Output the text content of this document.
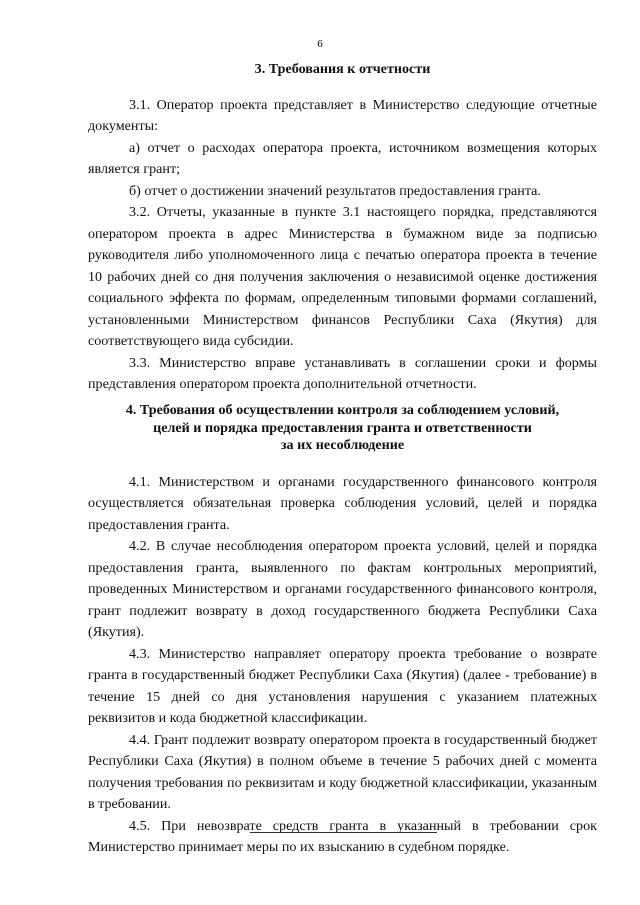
6
3. Требования к отчетности

3.1. Оператор проекта представляет в Министерство следующие отчетные документы:

а) отчет о расходах оператора проекта, источником возмещения которых является грант;

б) отчет о достижении значений результатов предоставления гранта.

3.2. Отчеты, указанные в пункте 3.1 настоящего порядка, представляются оператором проекта в адрес Министерства в бумажном виде за подписью руководителя либо уполномоченного лица с печатью оператора проекта в течение 10 рабочих дней со дня получения заключения о независимой оценке достижения социального эффекта по формам, определенным типовыми формами соглашений, установленными Министерством финансов Республики Саха (Якутия) для соответствующего вида субсидии.

3.3. Министерство вправе устанавливать в соглашении сроки и формы представления оператором проекта дополнительной отчетности.

4. Требования об осуществлении контроля за соблюдением условий,
целей и порядка предоставления гранта и ответственности
за их несоблюдение

4.1. Министерством и органами государственного финансового контроля осуществляется обязательная проверка соблюдения условий, целей и порядка предоставления гранта.

4.2. В случае несоблюдения оператором проекта условий, целей и порядка предоставления гранта, выявленного по фактам контрольных мероприятий, проведенных Министерством и органами государственного финансового контроля, грант подлежит возврату в доход государственного бюджета Республики Саха (Якутия).

4.3. Министерство направляет оператору проекта требование о возврате гранта в государственный бюджет Республики Саха (Якутия) (далее - требование) в течение 15 дней со дня установления нарушения с указанием платежных реквизитов и кода бюджетной классификации.

4.4. Грант подлежит возврату оператором проекта в государственный бюджет Республики Саха (Якутия) в полном объеме в течение 5 рабочих дней с момента получения требования по реквизитам и коду бюджетной классификации, указанным в требовании.

4.5. При невозврате средств гранта в указанный в требовании срок Министерство принимает меры по их взысканию в судебном порядке.
